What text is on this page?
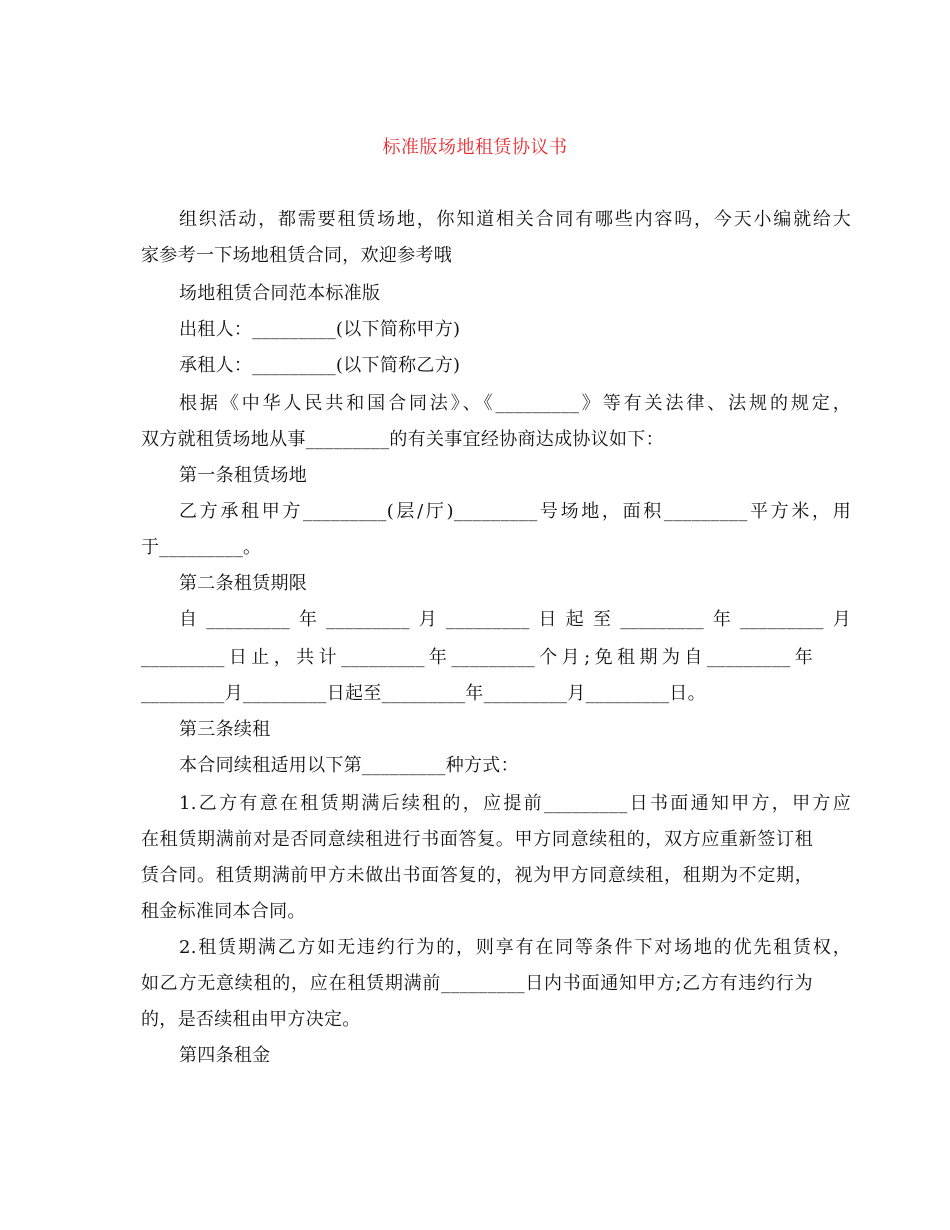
标准版场地租赁协议书
组织活动，都需要租赁场地，你知道相关合同有哪些内容吗，今天小编就给大
家参考一下场地租赁合同，欢迎参考哦
场地租赁合同范本标准版
出租人：_________(以下简称甲方)
承租人：_________(以下简称乙方)
根据《中华人民共和国合同法》、《_________》等有关法律、法规的规定，
双方就租赁场地从事_________的有关事宜经协商达成协议如下：
第一条租赁场地
乙方承租甲方_________(层/厅)_________号场地，面积_________平方米，用
于_________。
第二条租赁期限
自_________年_________月_________日起至_________年_________月
_________日止，共计_________年_________个月;免租期为自_________年
_________月_________日起至_________年_________月_________日。
第三条续租
本合同续租适用以下第_________种方式：
1.乙方有意在租赁期满后续租的，应提前_________日书面通知甲方，甲方应
在租赁期满前对是否同意续租进行书面答复。甲方同意续租的，双方应重新签订租
赁合同。租赁期满前甲方未做出书面答复的，视为甲方同意续租，租期为不定期，
租金标准同本合同。
2.租赁期满乙方如无违约行为的，则享有在同等条件下对场地的优先租赁权，
如乙方无意续租的，应在租赁期满前_________日内书面通知甲方;乙方有违约行为
的，是否续租由甲方决定。
第四条租金
